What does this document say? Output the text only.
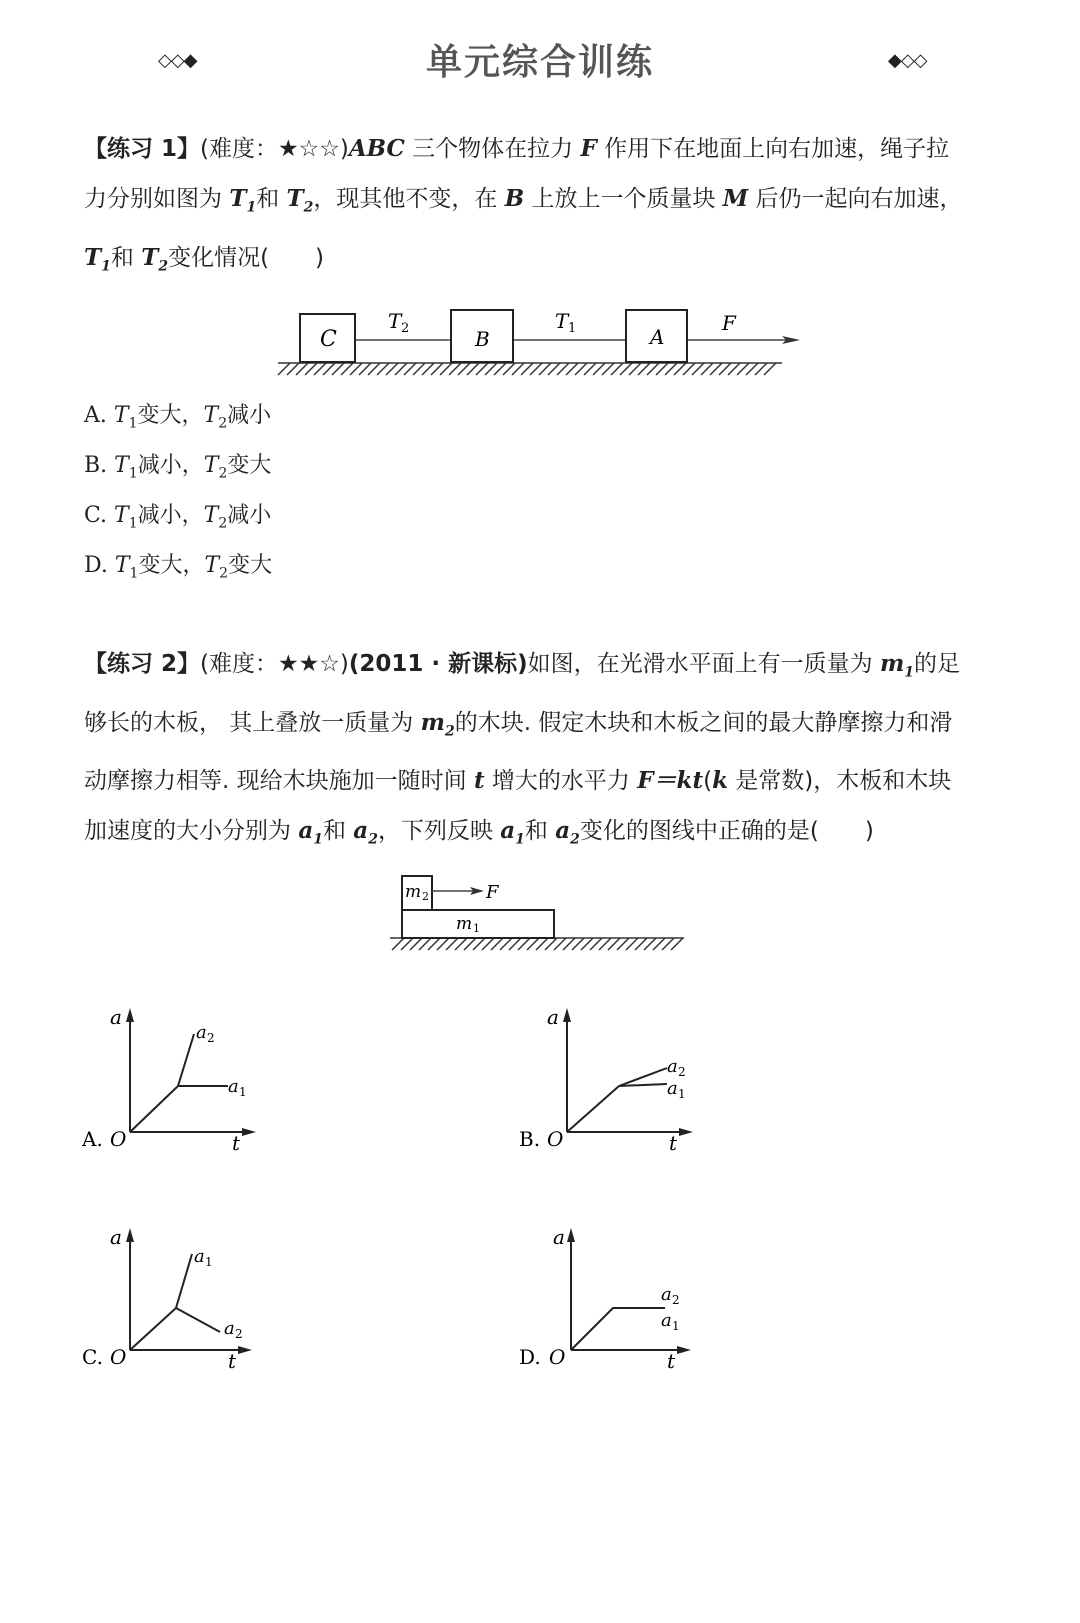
◇◇◆	单元综合训练	◆◇◇
【练习 1】(难度：★☆☆)ABC 三个物体在拉力 F 作用下在地面上向右加速，绳子拉
力分别如图为 $T_1$和 $T_2$，现其他不变，在 B 上放上一个质量块 M 后仍一起向右加速，
$T_1$和 $T_2$变化情况(　　)
C	B	A
T 2	T 1	F
A. $T_1$变大，$T_2$减小
B. $T_1$减小，$T_2$变大
C. $T_1$减小，$T_2$减小
D. $T_1$变大，$T_2$变大
【练习 2】(难度：★★☆)(2011 · 新课标)如图，在光滑水平面上有一质量为 $m_1$的足
够长的木板， 其上叠放一质量为 $m_2$的木块. 假定木块和木板之间的最大静摩擦力和滑
动摩擦力相等. 现给木块施加一随时间 t 增大的水平力 F＝kt(k 是常数)，木板和木块
加速度的大小分别为 $a_1$和 $a_2$，下列反映 $a_1$和 $a_2$变化的图线中正确的是(　　)
m 2
m 1
F
A. O
a
t
a 2
a 1
B. O
a
t
a 2
a 1
C. O
a
t
a 1
a 2
D. O
a
t
a 2
a 1
